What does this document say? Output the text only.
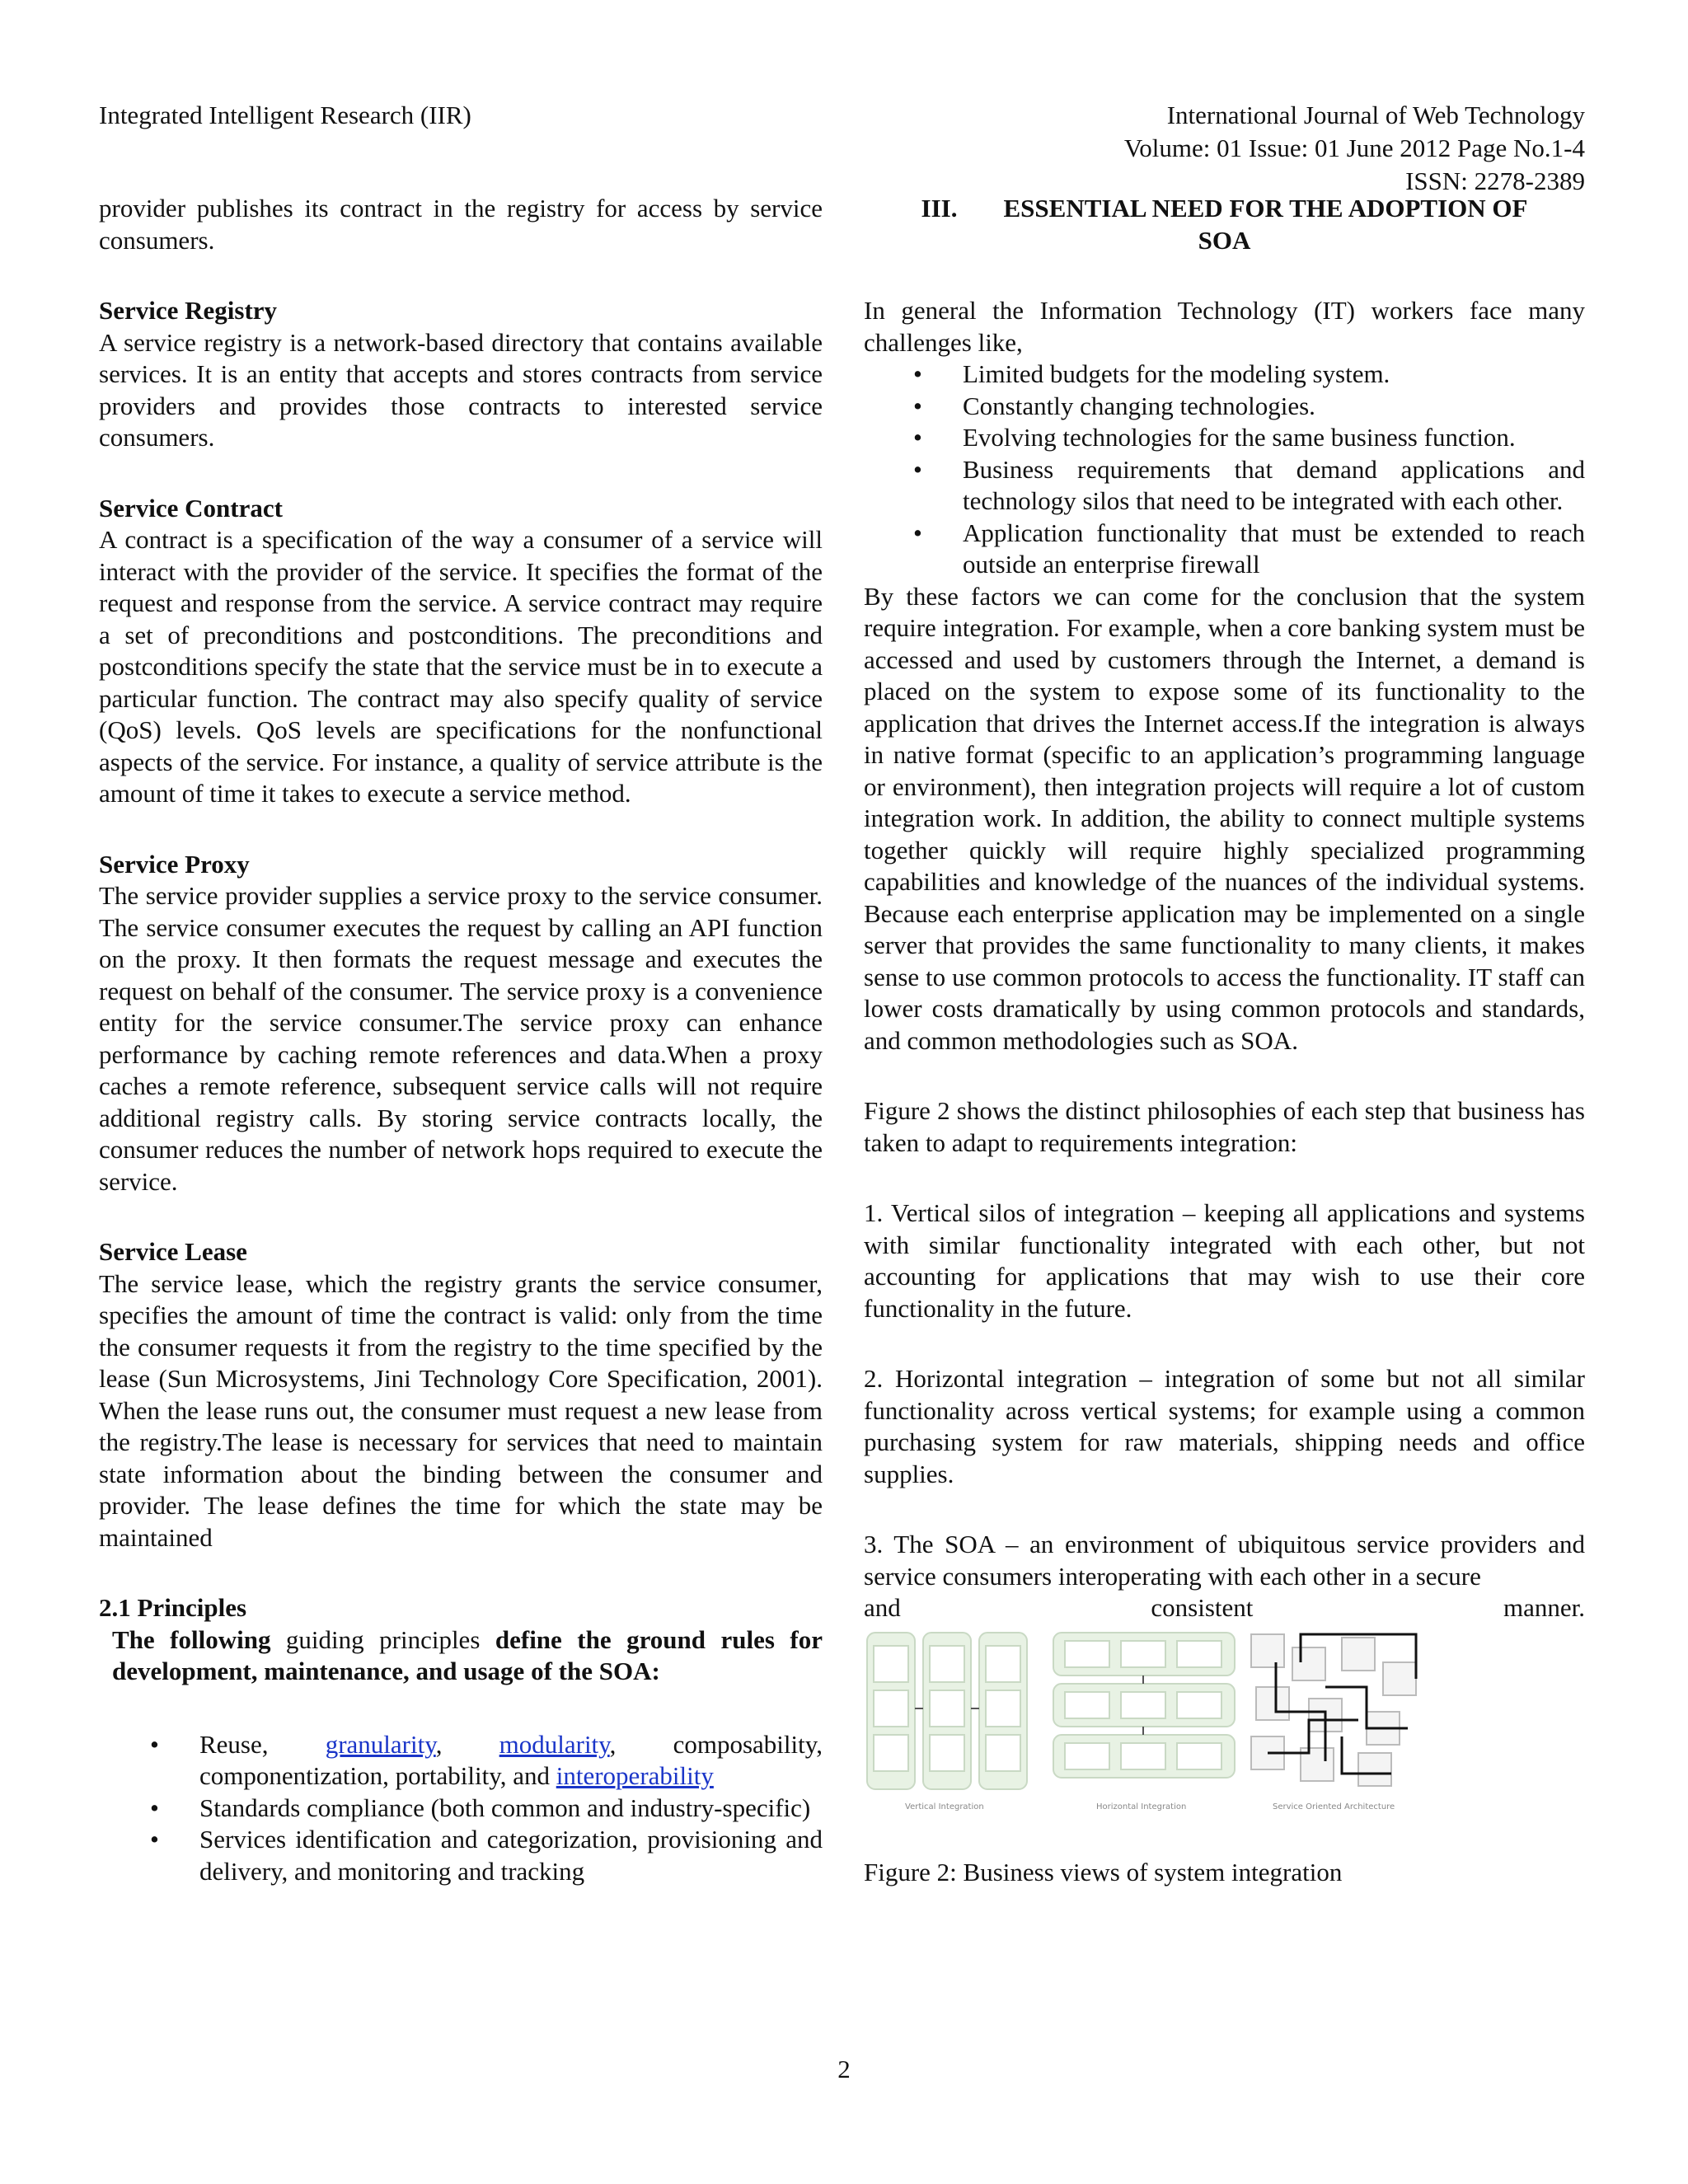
Integrated Intelligent Research (IIR)	International Journal of Web Technology
Volume: 01 Issue: 01 June 2012 Page No.1-4
ISSN: 2278-2389

provider publishes its contract in the registry for access by service consumers.

Service Registry

A service registry is a network-based directory that contains available services. It is an entity that accepts and stores contracts from service providers and provides those contracts to interested service consumers.

Service Contract

A contract is a specification of the way a consumer of a service will interact with the provider of the service. It specifies the format of the request and response from the service. A service contract may require a set of preconditions and postconditions. The preconditions and postconditions specify the state that the service must be in to execute a particular function. The contract may also specify quality of service (QoS) levels. QoS levels are specifications for the nonfunctional aspects of the service. For instance, a quality of service attribute is the amount of time it takes to execute a service method.

Service Proxy

The service provider supplies a service proxy to the service consumer. The service consumer executes the request by calling an API function on the proxy. It then formats the request message and executes the request on behalf of the consumer. The service proxy is a convenience entity for the service consumer.The service proxy can enhance performance by caching remote references and data.When a proxy caches a remote reference, subsequent service calls will not require additional registry calls. By storing service contracts locally, the consumer reduces the number of network hops required to execute the service.

Service Lease

The service lease, which the registry grants the service consumer, specifies the amount of time the contract is valid: only from the time the consumer requests it from the registry to the time specified by the lease (Sun Microsystems, Jini Technology Core Specification, 2001). When the lease runs out, the consumer must request a new lease from the registry.The lease is necessary for services that need to maintain state information about the binding between the consumer and provider. The lease defines the time for which the state may be maintained

2.1 Principles

The following guiding principles define the ground rules for development, maintenance, and usage of the SOA:

• Reuse, granularity, modularity, composability, componentization, portability, and interoperability
• Standards compliance (both common and industry-specific)
• Services identification and categorization, provisioning and delivery, and monitoring and tracking

III. ESSENTIAL NEED FOR THE ADOPTION OF

SOA

In general the Information Technology (IT) workers face many challenges like,

• Limited budgets for the modeling system.
• Constantly changing technologies.
• Evolving technologies for the same business function.
• Business requirements that demand applications and technology silos that need to be integrated with each other.
• Application functionality that must be extended to reach outside an enterprise firewall

By these factors we can come for the conclusion that the system require integration. For example, when a core banking system must be accessed and used by customers through the Internet, a demand is placed on the system to expose some of its functionality to the application that drives the Internet access.If the integration is always in native format (specific to an application’s programming language or environment), then integration projects will require a lot of custom integration work. In addition, the ability to connect multiple systems together quickly will require highly specialized programming capabilities and knowledge of the nuances of the individual systems. Because each enterprise application may be implemented on a single server that provides the same functionality to many clients, it makes sense to use common protocols to access the functionality. IT staff can lower costs dramatically by using common protocols and standards, and common methodologies such as SOA.

Figure 2 shows the distinct philosophies of each step that business has taken to adapt to requirements integration:

1. Vertical silos of integration – keeping all applications and systems with similar functionality integrated with each other, but not accounting for applications that may wish to use their core functionality in the future.

2. Horizontal integration – integration of some but not all similar functionality across vertical systems; for example using a common purchasing system for raw materials, shipping needs and office supplies.

3. The SOA – an environment of ubiquitous service providers and service consumers interoperating with each other in a secure

and consistent manner.

Vertical Integration	Horizontal Integration	Service Oriented Architecture

Figure 2: Business views of system integration

2
